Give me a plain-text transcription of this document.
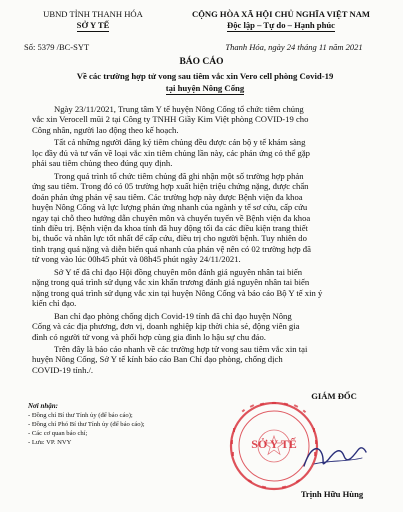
UBND TỈNH THANH HÓA
SỞ Y TẾ
CỘNG HÒA XÃ HỘI CHỦ NGHĨA VIỆT NAM
Độc lập – Tự do – Hạnh phúc
Số: 5379 /BC-SYT	Thanh Hóa, ngày 24 tháng 11 năm 2021
BÁO CÁO
Về các trường hợp tử vong sau tiêm vắc xin Vero cell phòng Covid-19
tại huyện Nông Cống

Ngày 23/11/2021, Trung tâm Y tế huyện Nông Cống tổ chức tiêm chủng
vắc xin Verocell mũi 2 tại Công ty TNHH Giầy Kim Việt phòng COVID-19 cho
Công nhân, người lao động theo kế hoạch.

Tất cả những người đăng ký tiêm chủng đều được cán bộ y tế khám sàng
lọc đầy đủ và tư vấn về loại vắc xin tiêm chủng lần này, các phản ứng có thể gặp
phải sau tiêm chủng theo đúng quy định.

Trong quá trình tổ chức tiêm chủng đã ghi nhận một số trường hợp phản
ứng sau tiêm. Trong đó có 05 trường hợp xuất hiện triệu chứng nặng, được chẩn
đoán phản ứng phản vệ sau tiêm. Các trường hợp này được Bệnh viện đa khoa
huyện Nông Cống và lực lượng phản ứng nhanh của ngành y tế sơ cứu, cấp cứu
ngay tại chỗ theo hướng dẫn chuyên môn và chuyển tuyến về Bệnh viện đa khoa
tỉnh điều trị. Bệnh viện đa khoa tỉnh đã huy động tối đa các điều kiện trang thiết
bị, thuốc và nhân lực tốt nhất để cấp cứu, điều trị cho người bệnh. Tuy nhiên do
tình trạng quá nặng và diễn biến quá nhanh của phản vệ nên có 02 trường hợp đã
tử vong vào lúc 00h45 phút và 08h45 phút ngày 24/11/2021.

Sở Y tế đã chỉ đạo Hội đồng chuyên môn đánh giá nguyên nhân tai biến
nặng trong quá trình sử dụng vắc xin khẩn trương đánh giá nguyên nhân tai biến
nặng trong quá trình sử dụng vắc xin tại huyện Nông Cống và báo cáo Bộ Y tế xin ý
kiến chỉ đạo.

Ban chỉ đạo phòng chống dịch Covid-19 tỉnh đã chỉ đạo huyện Nông
Cống và các địa phương, đơn vị, doanh nghiệp kịp thời chia sẻ, động viên gia
đình có người tử vong và phối hợp cùng gia đình lo hậu sự chu đáo.

Trên đây là báo cáo nhanh về các trường hợp tử vong sau tiêm vắc xin tại
huyện Nông Cống, Sở Y tế kính báo cáo Ban Chỉ đạo phòng, chống dịch
COVID-19 tỉnh./.

Nơi nhận:
- Đồng chí Bí thư Tỉnh ủy (để báo cáo);
- Đồng chí Phó Bí thư Tỉnh ủy (để báo cáo);
- Các cơ quan báo chí;
- Lưu: VP. NVY
GIÁM ĐỐC
SỞ Y TẾ
Trịnh Hữu Hùng
